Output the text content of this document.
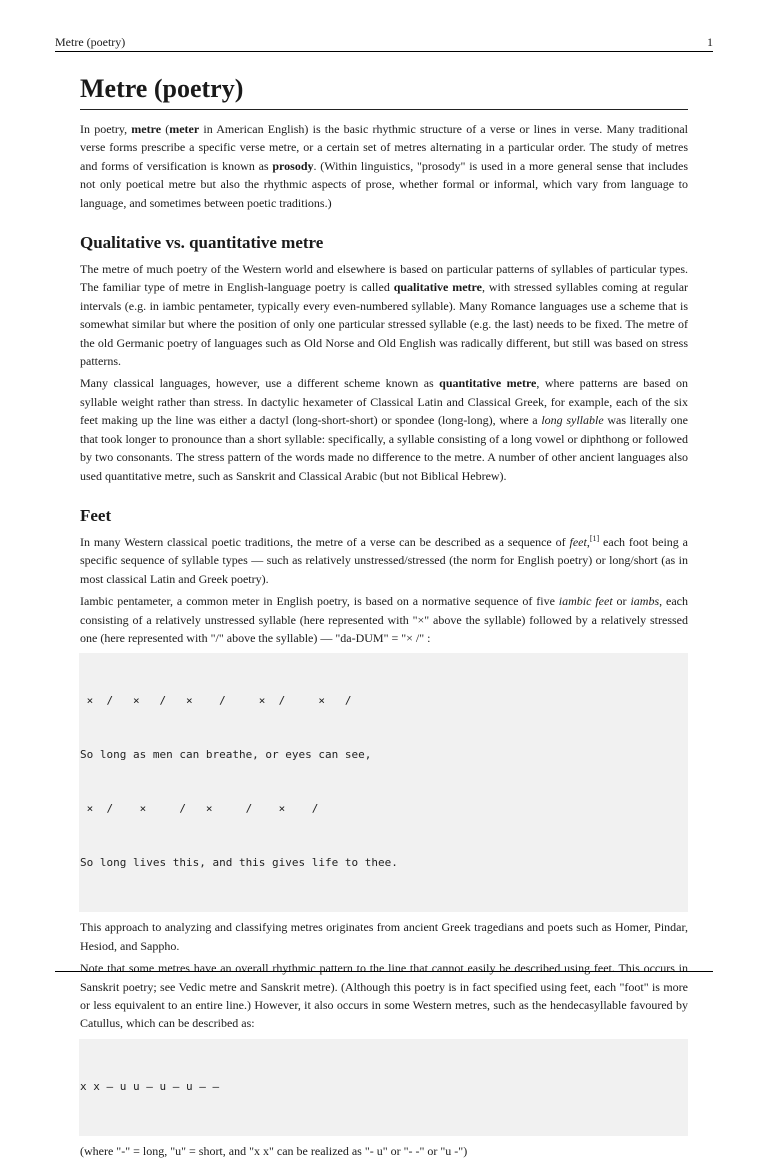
Metre (poetry)	1
Metre (poetry)

In poetry, metre (meter in American English) is the basic rhythmic structure of a verse or lines in verse. Many traditional verse forms prescribe a specific verse metre, or a certain set of metres alternating in a particular order. The study of metres and forms of versification is known as prosody. (Within linguistics, "prosody" is used in a more general sense that includes not only poetical metre but also the rhythmic aspects of prose, whether formal or informal, which vary from language to language, and sometimes between poetic traditions.)

Qualitative vs. quantitative metre

The metre of much poetry of the Western world and elsewhere is based on particular patterns of syllables of particular types. The familiar type of metre in English-language poetry is called qualitative metre, with stressed syllables coming at regular intervals (e.g. in iambic pentameter, typically every even-numbered syllable). Many Romance languages use a scheme that is somewhat similar but where the position of only one particular stressed syllable (e.g. the last) needs to be fixed. The metre of the old Germanic poetry of languages such as Old Norse and Old English was radically different, but still was based on stress patterns.

Many classical languages, however, use a different scheme known as quantitative metre, where patterns are based on syllable weight rather than stress. In dactylic hexameter of Classical Latin and Classical Greek, for example, each of the six feet making up the line was either a dactyl (long-short-short) or spondee (long-long), where a long syllable was literally one that took longer to pronounce than a short syllable: specifically, a syllable consisting of a long vowel or diphthong or followed by two consonants. The stress pattern of the words made no difference to the metre. A number of other ancient languages also used quantitative metre, such as Sanskrit and Classical Arabic (but not Biblical Hebrew).

Feet

In many Western classical poetic traditions, the metre of a verse can be described as a sequence of feet,[1] each foot being a specific sequence of syllable types — such as relatively unstressed/stressed (the norm for English poetry) or long/short (as in most classical Latin and Greek poetry).

Iambic pentameter, a common meter in English poetry, is based on a normative sequence of five iambic feet or iambs, each consisting of a relatively unstressed syllable (here represented with "×" above the syllable) followed by a relatively stressed one (here represented with "/" above the syllable) — "da-DUM" = "× /" :

×  /   ×   /   ×    /     ×  /     ×   /

So long as men can breathe, or eyes can see,

×  /    ×     /   ×     /    ×    /

So long lives this, and this gives life to thee.

This approach to analyzing and classifying metres originates from ancient Greek tragedians and poets such as Homer, Pindar, Hesiod, and Sappho.

Note that some metres have an overall rhythmic pattern to the line that cannot easily be described using feet. This occurs in Sanskrit poetry; see Vedic metre and Sanskrit metre). (Although this poetry is in fact specified using feet, each "foot" is more or less equivalent to an entire line.) However, it also occurs in some Western metres, such as the hendecasyllable favoured by Catullus, which can be described as:

x x – u u – u – u – –

(where "-" = long, "u" = short, and "x x" can be realized as "- u" or "- -" or "u -")
